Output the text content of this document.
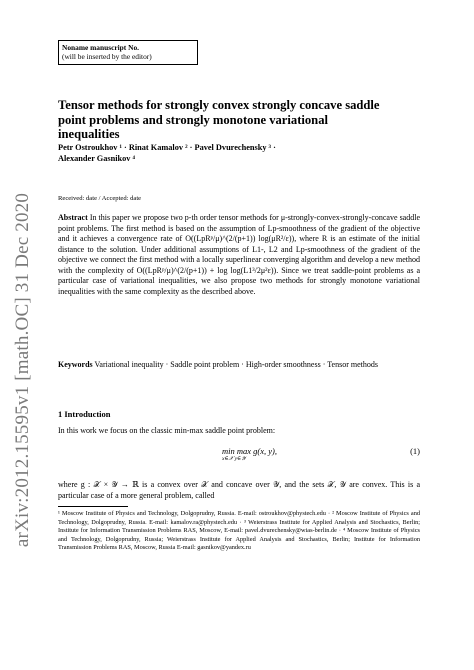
arXiv:2012.15595v1 [math.OC] 31 Dec 2020
Noname manuscript No.
(will be inserted by the editor)
Tensor methods for strongly convex strongly concave saddle point problems and strongly monotone variational inequalities
Petr Ostroukhov ¹ · Rinat Kamalov ² · Pavel Dvurechensky ³ · Alexander Gasnikov ⁴
Received: date / Accepted: date
Abstract In this paper we propose two p-th order tensor methods for μ-strongly-convex-strongly-concave saddle point problems. The first method is based on the assumption of Lp-smoothness of the gradient of the objective and it achieves a convergence rate of O((LpRᵖ/μ)^(2/(p+1)) log(μR²/ε)), where R is an estimate of the initial distance to the solution. Under additional assumptions of L1-, L2 and Lp-smoothness of the gradient of the objective we connect the first method with a locally superlinear converging algorithm and develop a new method with the complexity of O((LpRᵖ/μ)^(2/(p+1)) + log log(L1³/2μ²ε)). Since we treat saddle-point problems as a particular case of variational inequalities, we also propose two methods for strongly monotone variational inequalities with the same complexity as the described above.
Keywords Variational inequality · Saddle point problem · High-order smoothness · Tensor methods
1 Introduction
In this work we focus on the classic min-max saddle point problem:
min max g(x, y),
x∈𝒳 y∈𝒴
(1)
where g : 𝒳 × 𝒴 → ℝ is a convex over 𝒳 and concave over 𝒴, and the sets 𝒳, 𝒴 are convex. This is a particular case of a more general problem, called
¹ Moscow Institute of Physics and Technology, Dolgoprudny, Russia. E-mail: ostroukhov@phystech.edu · ² Moscow Institute of Physics and Technology, Dolgoprudny, Russia. E-mail: kamalov.ra@phystech.edu · ³ Weierstrass Institute for Applied Analysis and Stochastics, Berlin; Institute for Information Transmission Problems RAS, Moscow, E-mail: pavel.dvurechensky@wias-berlin.de · ⁴ Moscow Institute of Physics and Technology, Dolgoprudny, Russia; Weierstrass Institute for Applied Analysis and Stochastics, Berlin; Institute for Information Transmission Problems RAS, Moscow, Russia E-mail: gasnikov@yandex.ru
